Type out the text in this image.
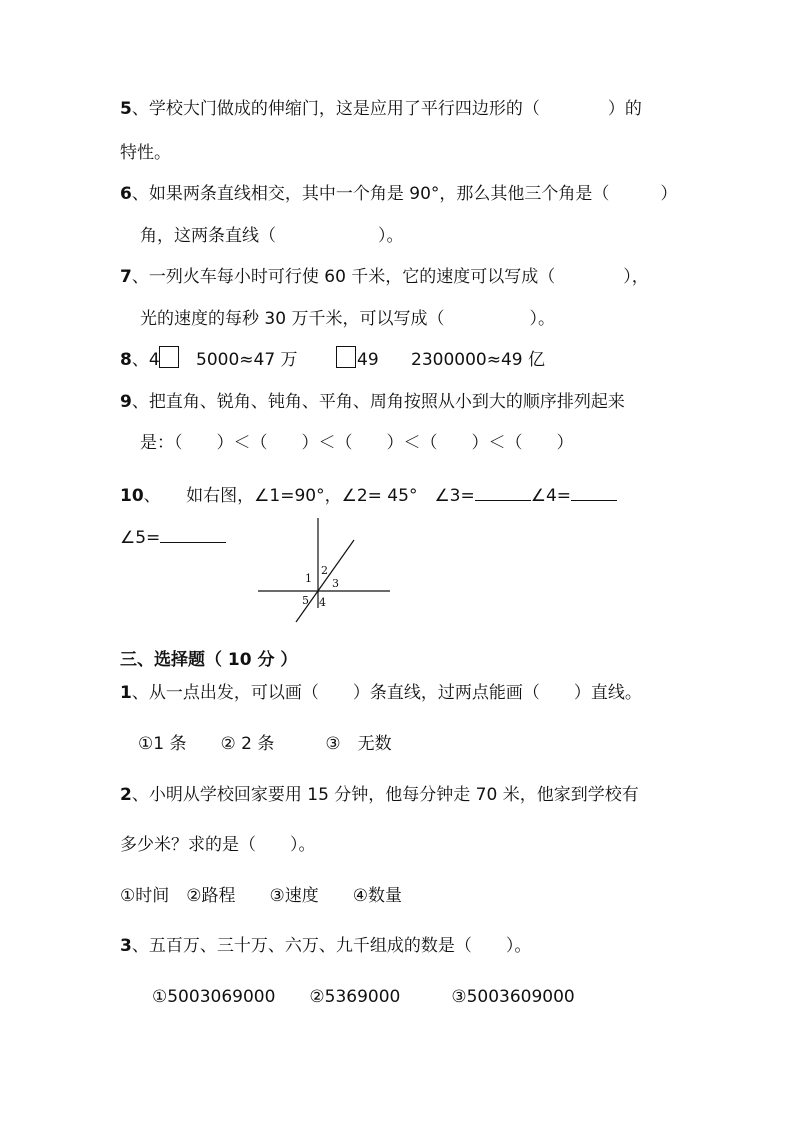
5、学校大门做成的伸缩门，这是应用了平行四边形的（　　　　）的
特性。
6、如果两条直线相交，其中一个角是 90°，那么其他三个角是（　　　）
角，这两条直线（　　　　　　）。
7、一列火车每小时可行使 60 千米，它的速度可以写成（　　　　），
光的速度的每秒 30 万千米，可以写成（　　　　　）。
8、4 5000≈47 万	49 2300000≈49 亿
9、把直角、锐角、钝角、平角、周角按照从小到大的顺序排列起来
是：（　　）＜（　　）＜（　　）＜（　　）＜（　　）
10、　　如右图，∠1=90°，∠2= 45°　∠3=	∠4=
∠5=
1
2
3
5 4
三、选择题（ 10 分 ）
1、从一点出发，可以画（　　）条直线，过两点能画（　　）直线。
①1 条　　② 2 条　　　③　无数
2、小明从学校回家要用 15 分钟，他每分钟走 70 米，他家到学校有
多少米？求的是（　　）。
①时间　②路程　　③速度　　④数量
3、五百万、三十万、六万、九千组成的数是（　　）。
①5003069000　　②5369000　　　③5003609000
